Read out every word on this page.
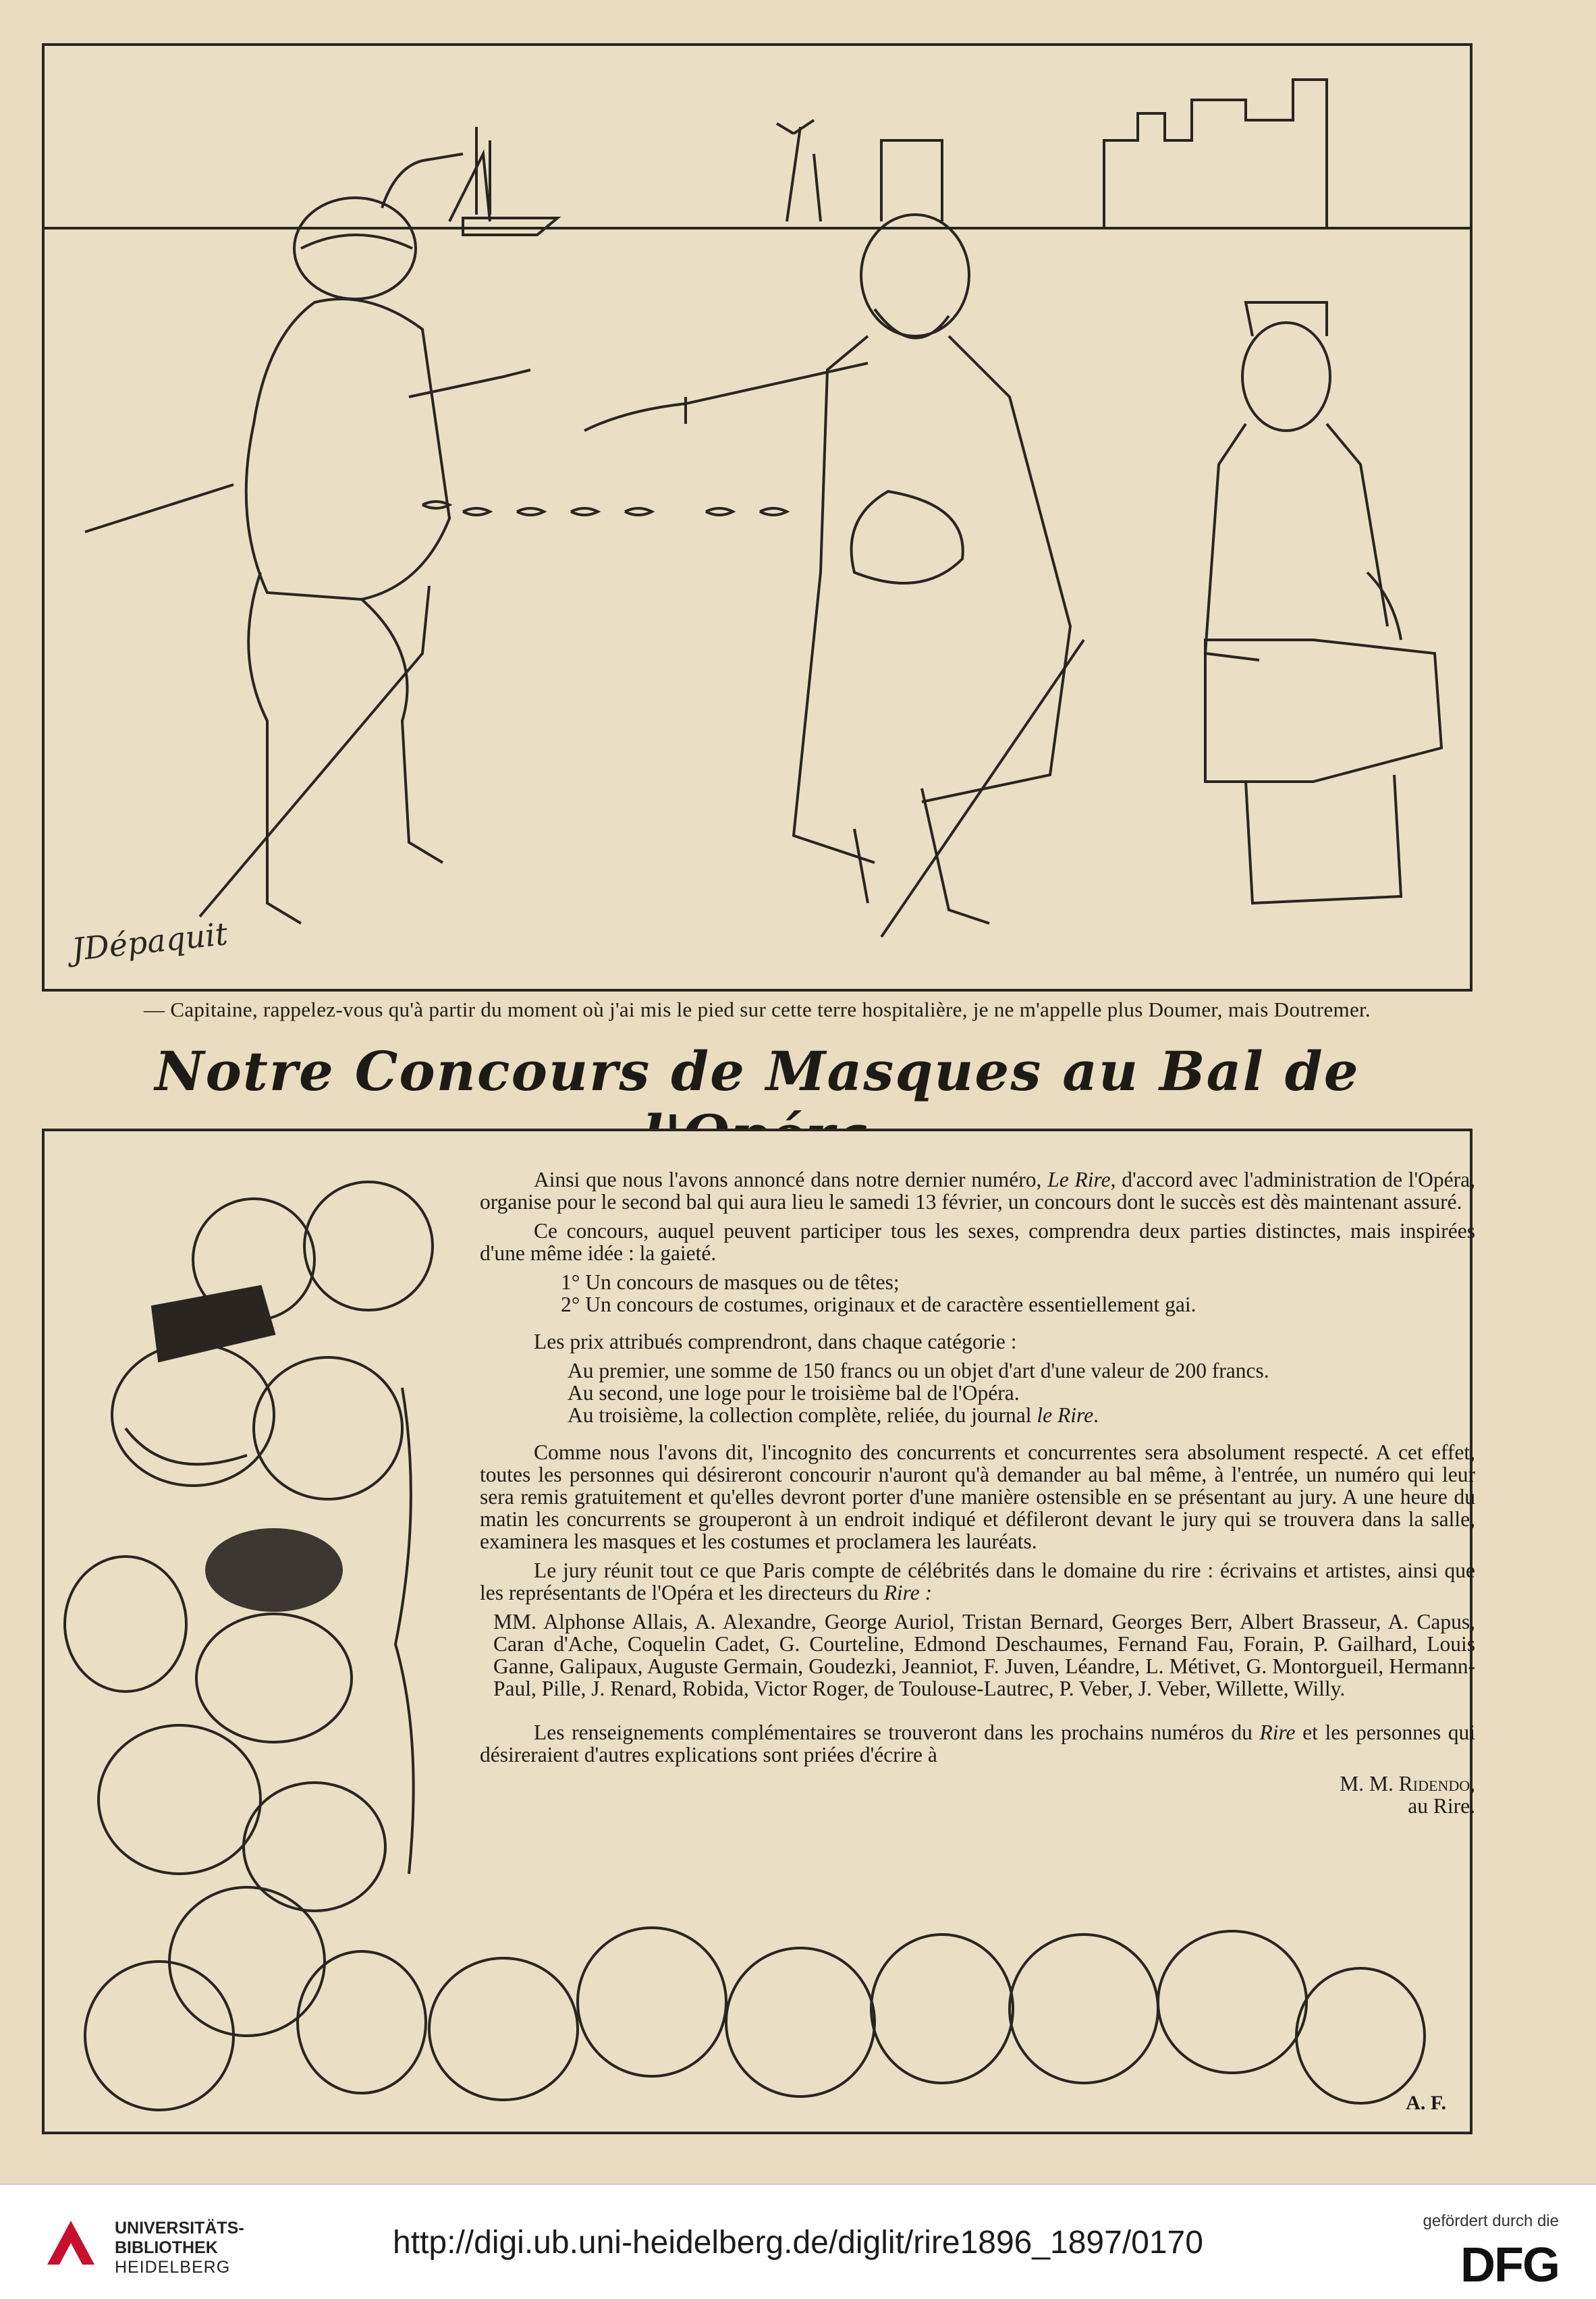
JDépaquit
— Capitaine, rappelez-vous qu'à partir du moment où j'ai mis le pied sur cette terre hospitalière, je ne m'appelle plus Doumer, mais Doutremer.
Notre Concours de Masques au Bal de

Ainsi que nous l'avons annoncé dans notre dernier numéro, Le Rire, d'accord avec l'administration de l'Opéra, organise pour le second bal qui aura lieu le samedi 13 février, un concours dont le succès est dès maintenant assuré.

Ce concours, auquel peuvent participer tous les sexes, comprendra deux parties distinctes, mais inspirées d'une même idée : la gaieté.

1° Un concours de masques ou de têtes;

2° Un concours de costumes, originaux et de caractère essentiellement gai.

Les prix attribués comprendront, dans chaque catégorie :

Au premier, une somme de 150 francs ou un objet d'art d'une valeur de 200 francs.

Au second, une loge pour le troisième bal de l'Opéra.

Au troisième, la collection complète, reliée, du journal le Rire.

Comme nous l'avons dit, l'incognito des concurrents et concurrentes sera absolument respecté. A cet effet, toutes les personnes qui désireront concourir n'auront qu'à demander au bal même, à l'entrée, un numéro qui leur sera remis gratuitement et qu'elles devront porter d'une manière ostensible en se présentant au jury. A une heure du matin les concurrents se grouperont à un endroit indiqué et défileront devant le jury qui se trouvera dans la salle, examinera les masques et les costumes et proclamera les lauréats.

Le jury réunit tout ce que Paris compte de célébrités dans le domaine du rire : écrivains et artistes, ainsi que les représentants de l'Opéra et les directeurs du Rire :

MM. Alphonse Allais, A. Alexandre, George Auriol, Tristan Bernard, Georges Berr, Albert Brasseur, A. Capus, Caran d'Ache, Coquelin Cadet, G. Courteline, Edmond Deschaumes, Fernand Fau, Forain, P. Gailhard, Louis Ganne, Galipaux, Auguste Germain, Goudezki, Jeanniot, F. Juven, Léandre, L. Métivet, G. Montorgueil, Hermann-Paul, Pille, J. Renard, Robida, Victor Roger, de Toulouse-Lautrec, P. Veber, J. Veber, Willette, Willy.

Les renseignements complémentaires se trouveront dans les prochains numéros du Rire et les personnes qui désireraient d'autres explications sont priées d'écrire à

M. M. Ridendo,

au Rire.

A. F.
UNIVERSITÄTS-
BIBLIOTHEK
HEIDELBERG
http://digi.ub.uni-heidelberg.de/diglit/rire1896_1897/0170
gefördert durch die
DFG
